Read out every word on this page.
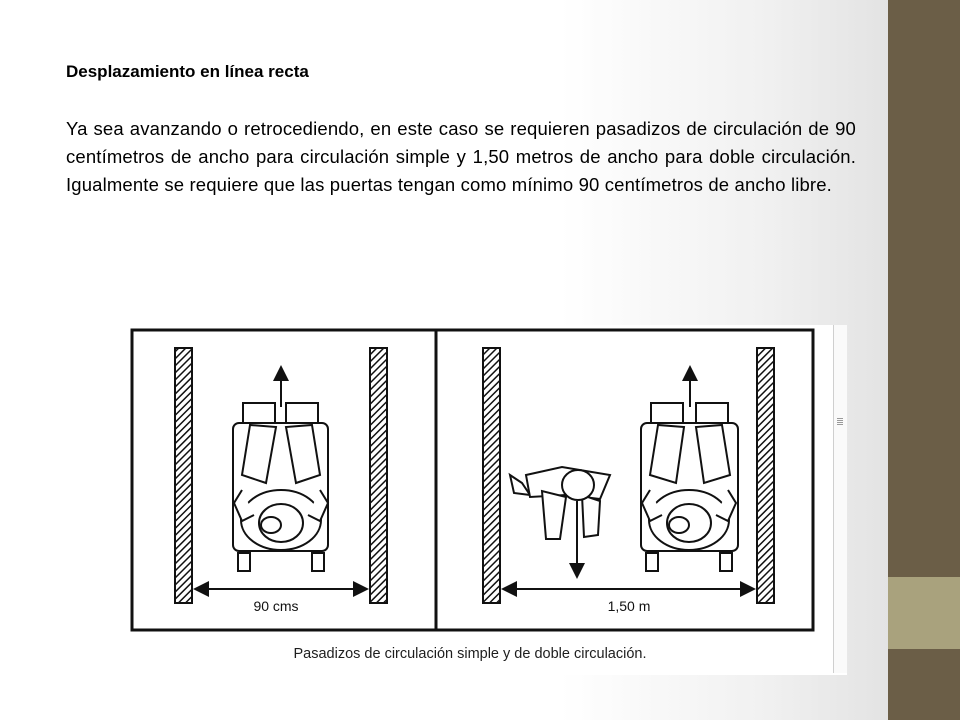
Desplazamiento en línea recta

Ya sea avanzando o retrocediendo, en este caso se requieren pasadizos de circulación de 90 centímetros de ancho para circulación simple y 1,50 metros de ancho para doble circulación. Igualmente se requiere que las puertas tengan como mínimo 90 centímetros de ancho libre.

90 cms	1,50 m
Pasadizos de circulación simple y de doble circulación.
